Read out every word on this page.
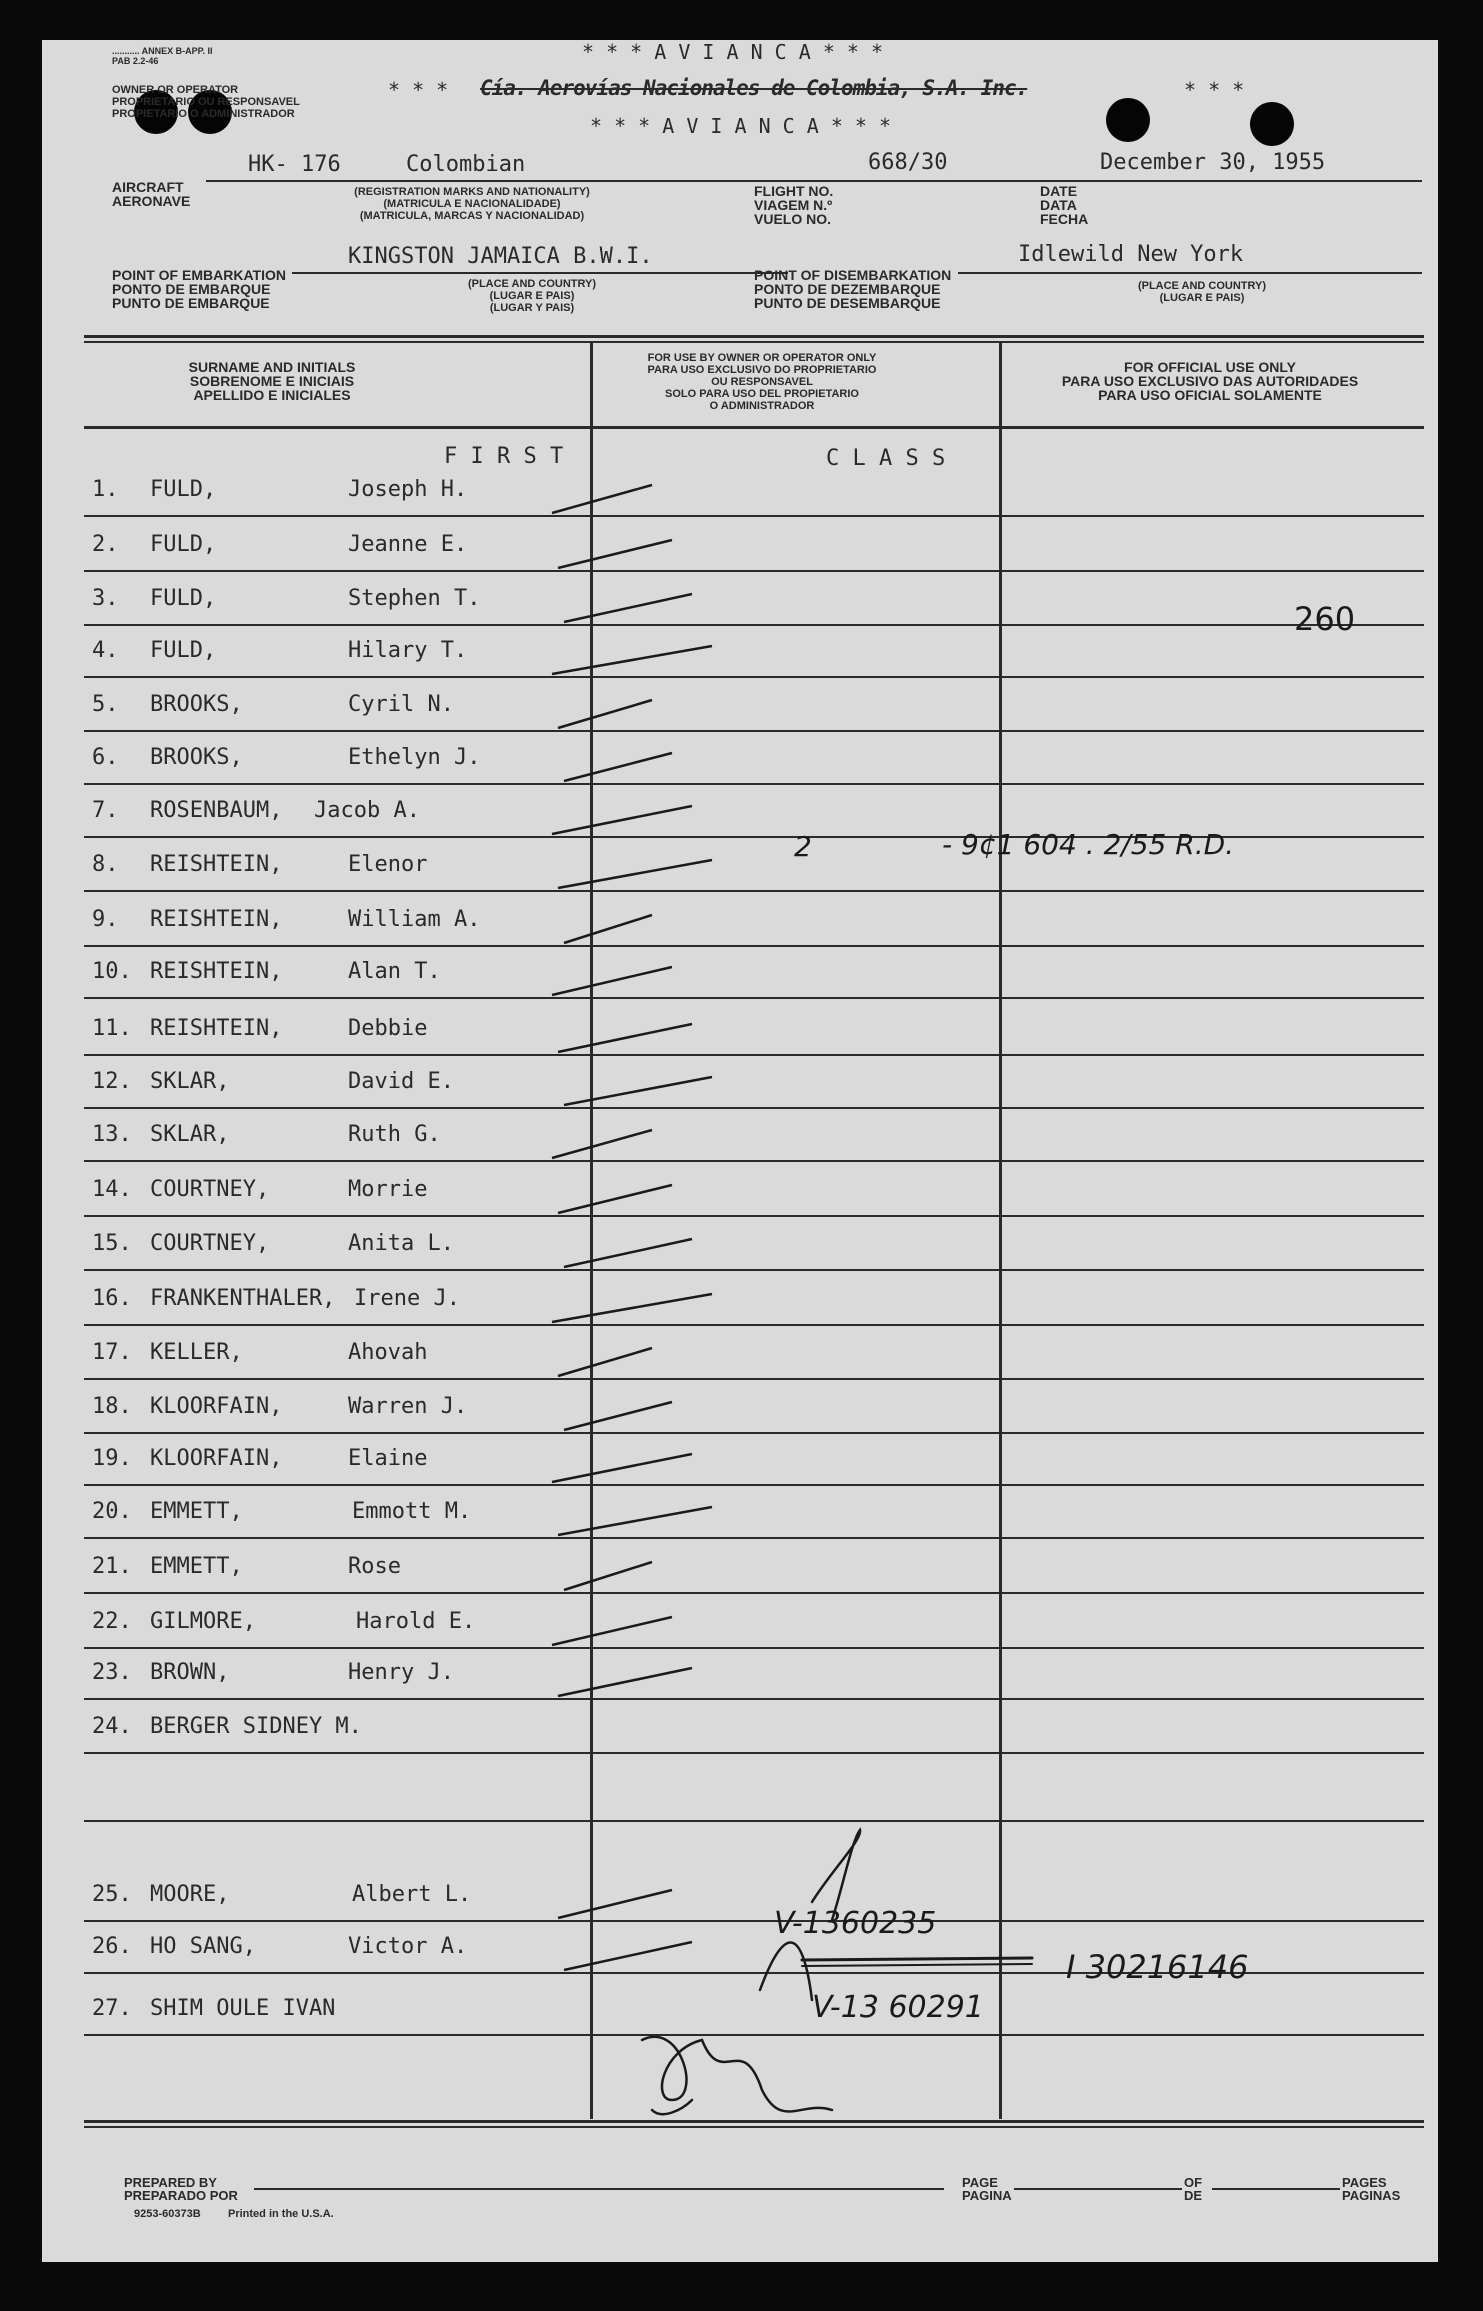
........... ANNEX B-APP. II
PAB 2.2-46
OWNER OR OPERATOR
PROPRIETARIO OU RESPONSAVEL
PROPIETARIO O ADMINISTRADOR
* * * A V I A N C A * * *
* * * Cía. Aerovías Nacionales de Colombia, S.A. Inc.	* * *
* * * A V I A N C A * * *
HK- 176	Colombian	668/30	December 30, 1955
AIRCRAFT
AERONAVE
(REGISTRATION MARKS AND NATIONALITY)
(MATRICULA E NACIONALIDADE)
(MATRICULA, MARCAS Y NACIONALIDAD)
FLIGHT NO.
VIAGEM N.º
VUELO NO.
DATE
DATA
FECHA
KINGSTON JAMAICA B.W.I.	Idlewild New York
POINT OF EMBARKATION
PONTO DE EMBARQUE
PUNTO DE EMBARQUE
(PLACE AND COUNTRY)
(LUGAR E PAIS)
(LUGAR Y PAIS)
POINT OF DISEMBARKATION
PONTO DE DEZEMBARQUE
PUNTO DE DESEMBARQUE
(PLACE AND COUNTRY)
(LUGAR E PAIS)
SURNAME AND INITIALS
SOBRENOME E INICIAIS
APELLIDO E INICIALES
FOR USE BY OWNER OR OPERATOR ONLY
PARA USO EXCLUSIVO DO PROPRIETARIO
OU RESPONSAVEL
SOLO PARA USO DEL PROPIETARIO
O ADMINISTRADOR
FOR OFFICIAL USE ONLY
PARA USO EXCLUSIVO DAS AUTORIDADES
PARA USO OFICIAL SOLAMENTE
F I R S T	C L A S S
1. FULD,	Joseph H.
2. FULD,	Jeanne E.
3. FULD,	Stephen T.
4. FULD,	Hilary T.
5. BROOKS,	Cyril N.
6. BROOKS,	Ethelyn J.
7. ROSENBAUM, Jacob A.
8. REISHTEIN,	Elenor
9. REISHTEIN,	William A.
10. REISHTEIN,	Alan T.
11. REISHTEIN,	Debbie
12. SKLAR,	David E.
13. SKLAR,	Ruth G.
14. COURTNEY,	Morrie
15. COURTNEY,	Anita L.
16. FRANKENTHALER, Irene J.
17. KELLER,	Ahovah
18. KLOORFAIN,	Warren J.
19. KLOORFAIN,	Elaine
20. EMMETT,	Emmott M.
21. EMMETT,	Rose
22. GILMORE,	Harold E.
23. BROWN,	Henry J.
24. BERGER SIDNEY M.
25. MOORE,	Albert L.
26. HO SANG,	Victor A.
27. SHIM OULE IVAN
260
2	- 9¢1 604 . 2/55 R.D.
V-1360235
V-13 60291
I 30216146
PREPARED BY
PREPARADO POR
9253-60373B Printed in the U.S.A.
PAGE
PAGINA
OF
DE
PAGES
PAGINAS
